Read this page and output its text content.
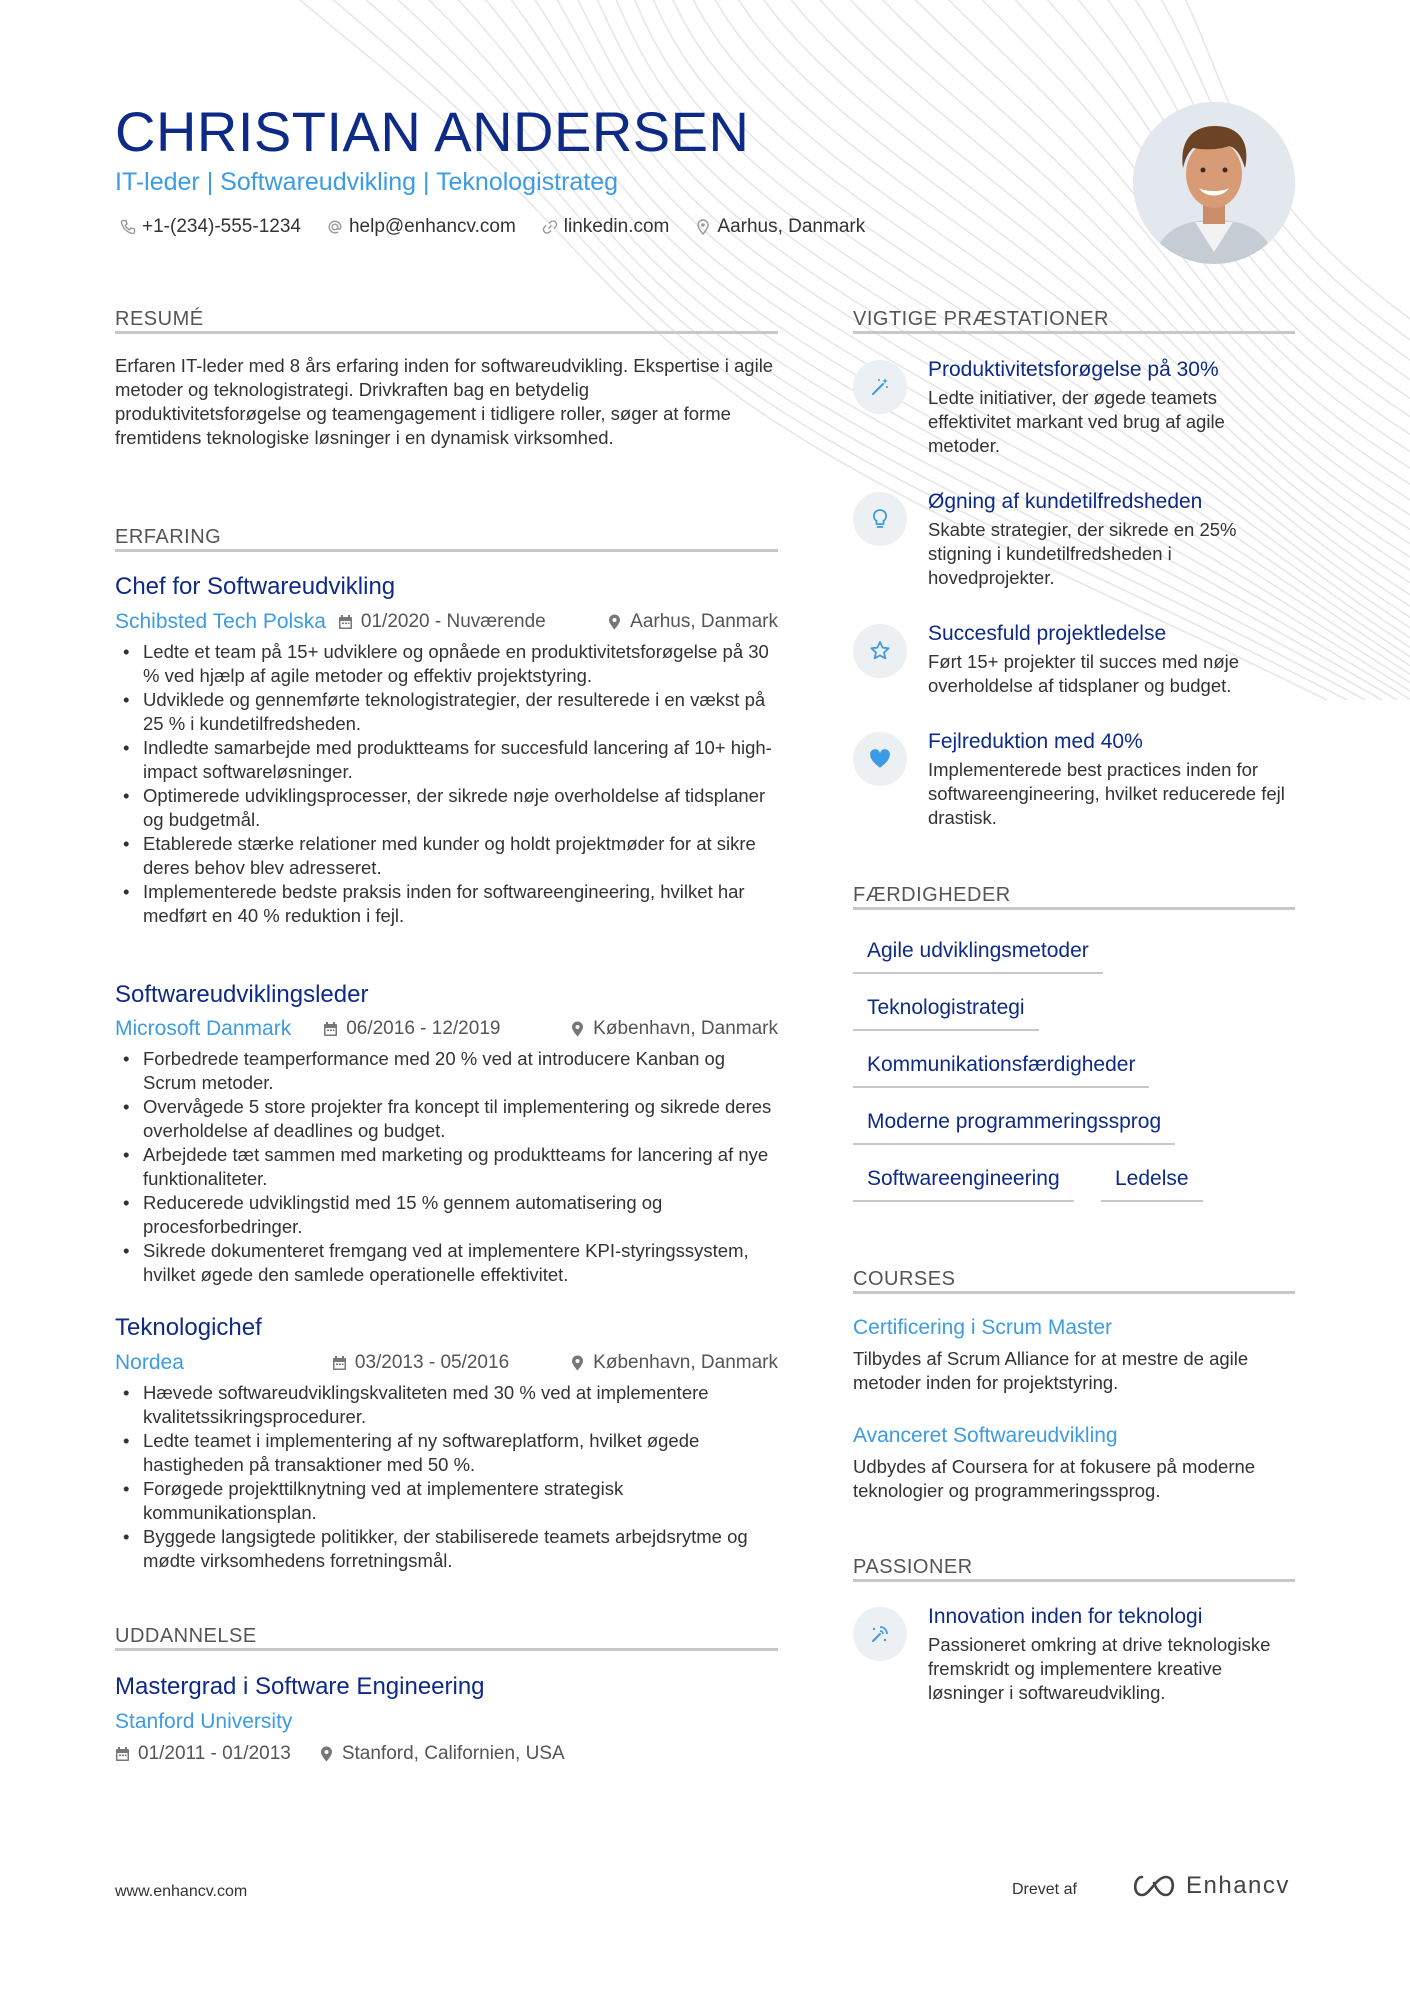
CHRISTIAN ANDERSEN
IT-leder | Softwareudvikling | Teknologistrateg
+1-(234)-555-1234	help@enhancv.com	linkedin.com	Aarhus, Danmark
RESUMÉ
Erfaren IT-leder med 8 års erfaring inden for softwareudvikling. Ekspertise i agile metoder og teknologistrategi. Drivkraften bag en betydelig produktivitetsforøgelse og teamengagement i tidligere roller, søger at forme fremtidens teknologiske løsninger i en dynamisk virksomhed.
ERFARING
Chef for Softwareudvikling
Schibsted Tech Polska 01/2020 - Nuværende	Aarhus, Danmark
• Ledte et team på 15+ udviklere og opnåede en produktivitetsforøgelse på 30 % ved hjælp af agile metoder og effektiv projektstyring.
• Udviklede og gennemførte teknologistrategier, der resulterede i en vækst på 25 % i kundetilfredsheden.
• Indledte samarbejde med produktteams for succesfuld lancering af 10+ high-impact softwareløsninger.
• Optimerede udviklingsprocesser, der sikrede nøje overholdelse af tidsplaner og budgetmål.
• Etablerede stærke relationer med kunder og holdt projektmøder for at sikre deres behov blev adresseret.
• Implementerede bedste praksis inden for softwareengineering, hvilket har medført en 40 % reduktion i fejl.
Softwareudviklingsleder
Microsoft Danmark	06/2016 - 12/2019	København, Danmark
• Forbedrede teamperformance med 20 % ved at introducere Kanban og Scrum metoder.
• Overvågede 5 store projekter fra koncept til implementering og sikrede deres overholdelse af deadlines og budget.
• Arbejdede tæt sammen med marketing og produktteams for lancering af nye funktionaliteter.
• Reducerede udviklingstid med 15 % gennem automatisering og procesforbedringer.
• Sikrede dokumenteret fremgang ved at implementere KPI-styringssystem, hvilket øgede den samlede operationelle effektivitet.
Teknologichef
Nordea	03/2013 - 05/2016	København, Danmark
• Hævede softwareudviklingskvaliteten med 30 % ved at implementere kvalitetssikringsprocedurer.
• Ledte teamet i implementering af ny softwareplatform, hvilket øgede hastigheden på transaktioner med 50 %.
• Forøgede projekttilknytning ved at implementere strategisk kommunikationsplan.
• Byggede langsigtede politikker, der stabiliserede teamets arbejdsrytme og mødte virksomhedens forretningsmål.
UDDANNELSE
Mastergrad i Software Engineering
Stanford University
01/2011 - 01/2013	Stanford, Californien, USA
VIGTIGE PRÆSTATIONER
Produktivitetsforøgelse på 30%
Ledte initiativer, der øgede teamets effektivitet markant ved brug af agile metoder.
Øgning af kundetilfredsheden
Skabte strategier, der sikrede en 25% stigning i kundetilfredsheden i hovedprojekter.
Succesfuld projektledelse
Ført 15+ projekter til succes med nøje overholdelse af tidsplaner og budget.
Fejlreduktion med 40%
Implementerede best practices inden for softwareengineering, hvilket reducerede fejl drastisk.
FÆRDIGHEDER
Agile udviklingsmetoder
Teknologistrategi
Kommunikationsfærdigheder
Moderne programmeringssprog
Softwareengineering	Ledelse
COURSES
Certificering i Scrum Master
Tilbydes af Scrum Alliance for at mestre de agile metoder inden for projektstyring.
Avanceret Softwareudvikling
Udbydes af Coursera for at fokusere på moderne teknologier og programmeringssprog.
PASSIONER
Innovation inden for teknologi
Passioneret omkring at drive teknologiske fremskridt og implementere kreative løsninger i softwareudvikling.
www.enhancv.com	Drevet af	Enhancv
